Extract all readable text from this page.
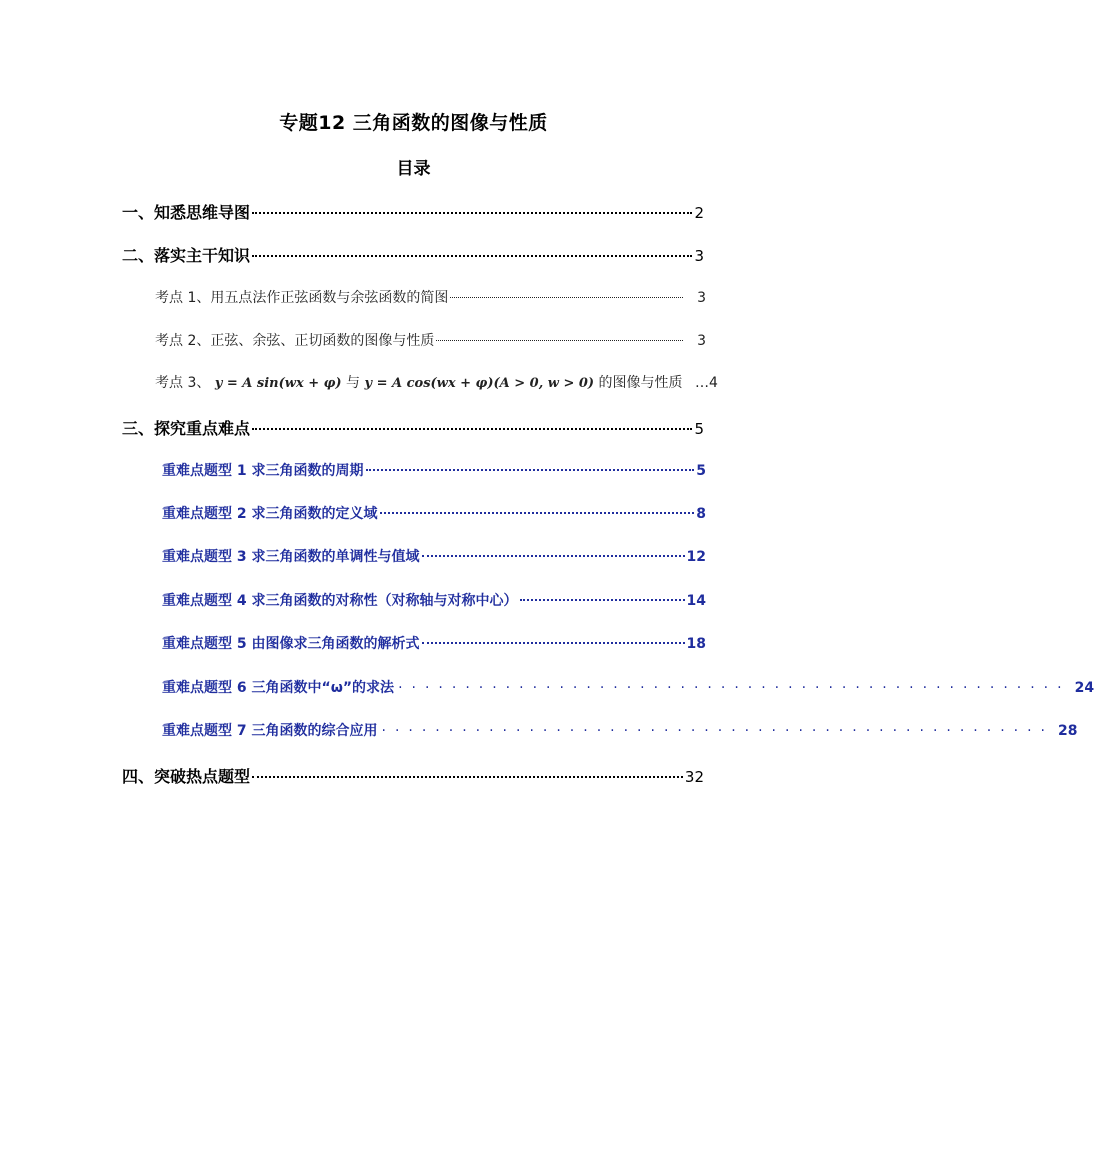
专题12 三角函数的图像与性质
目录
一、知悉思维导图	2
二、落实主干知识	3
考点 1、用五点法作正弦函数与余弦函数的简图	3
考点 2、正弦、余弦、正切函数的图像与性质	3
考点 3、 y = A sin(wx + φ) 与 y = A cos(wx + φ)(A > 0, w > 0) 的图像与性质 … 4
三、探究重点难点	5
重难点题型 1 求三角函数的周期	5
重难点题型 2 求三角函数的定义域	8
重难点题型 3 求三角函数的单调性与值域	12
重难点题型 4 求三角函数的对称性（对称轴与对称中心）	14
重难点题型 5 由图像求三角函数的解析式	18
重难点题型 6 三角函数中“ω”的求法 ·················································· 24
重难点题型 7 三角函数的综合应用 ·················································· 28
四、突破热点题型	32
